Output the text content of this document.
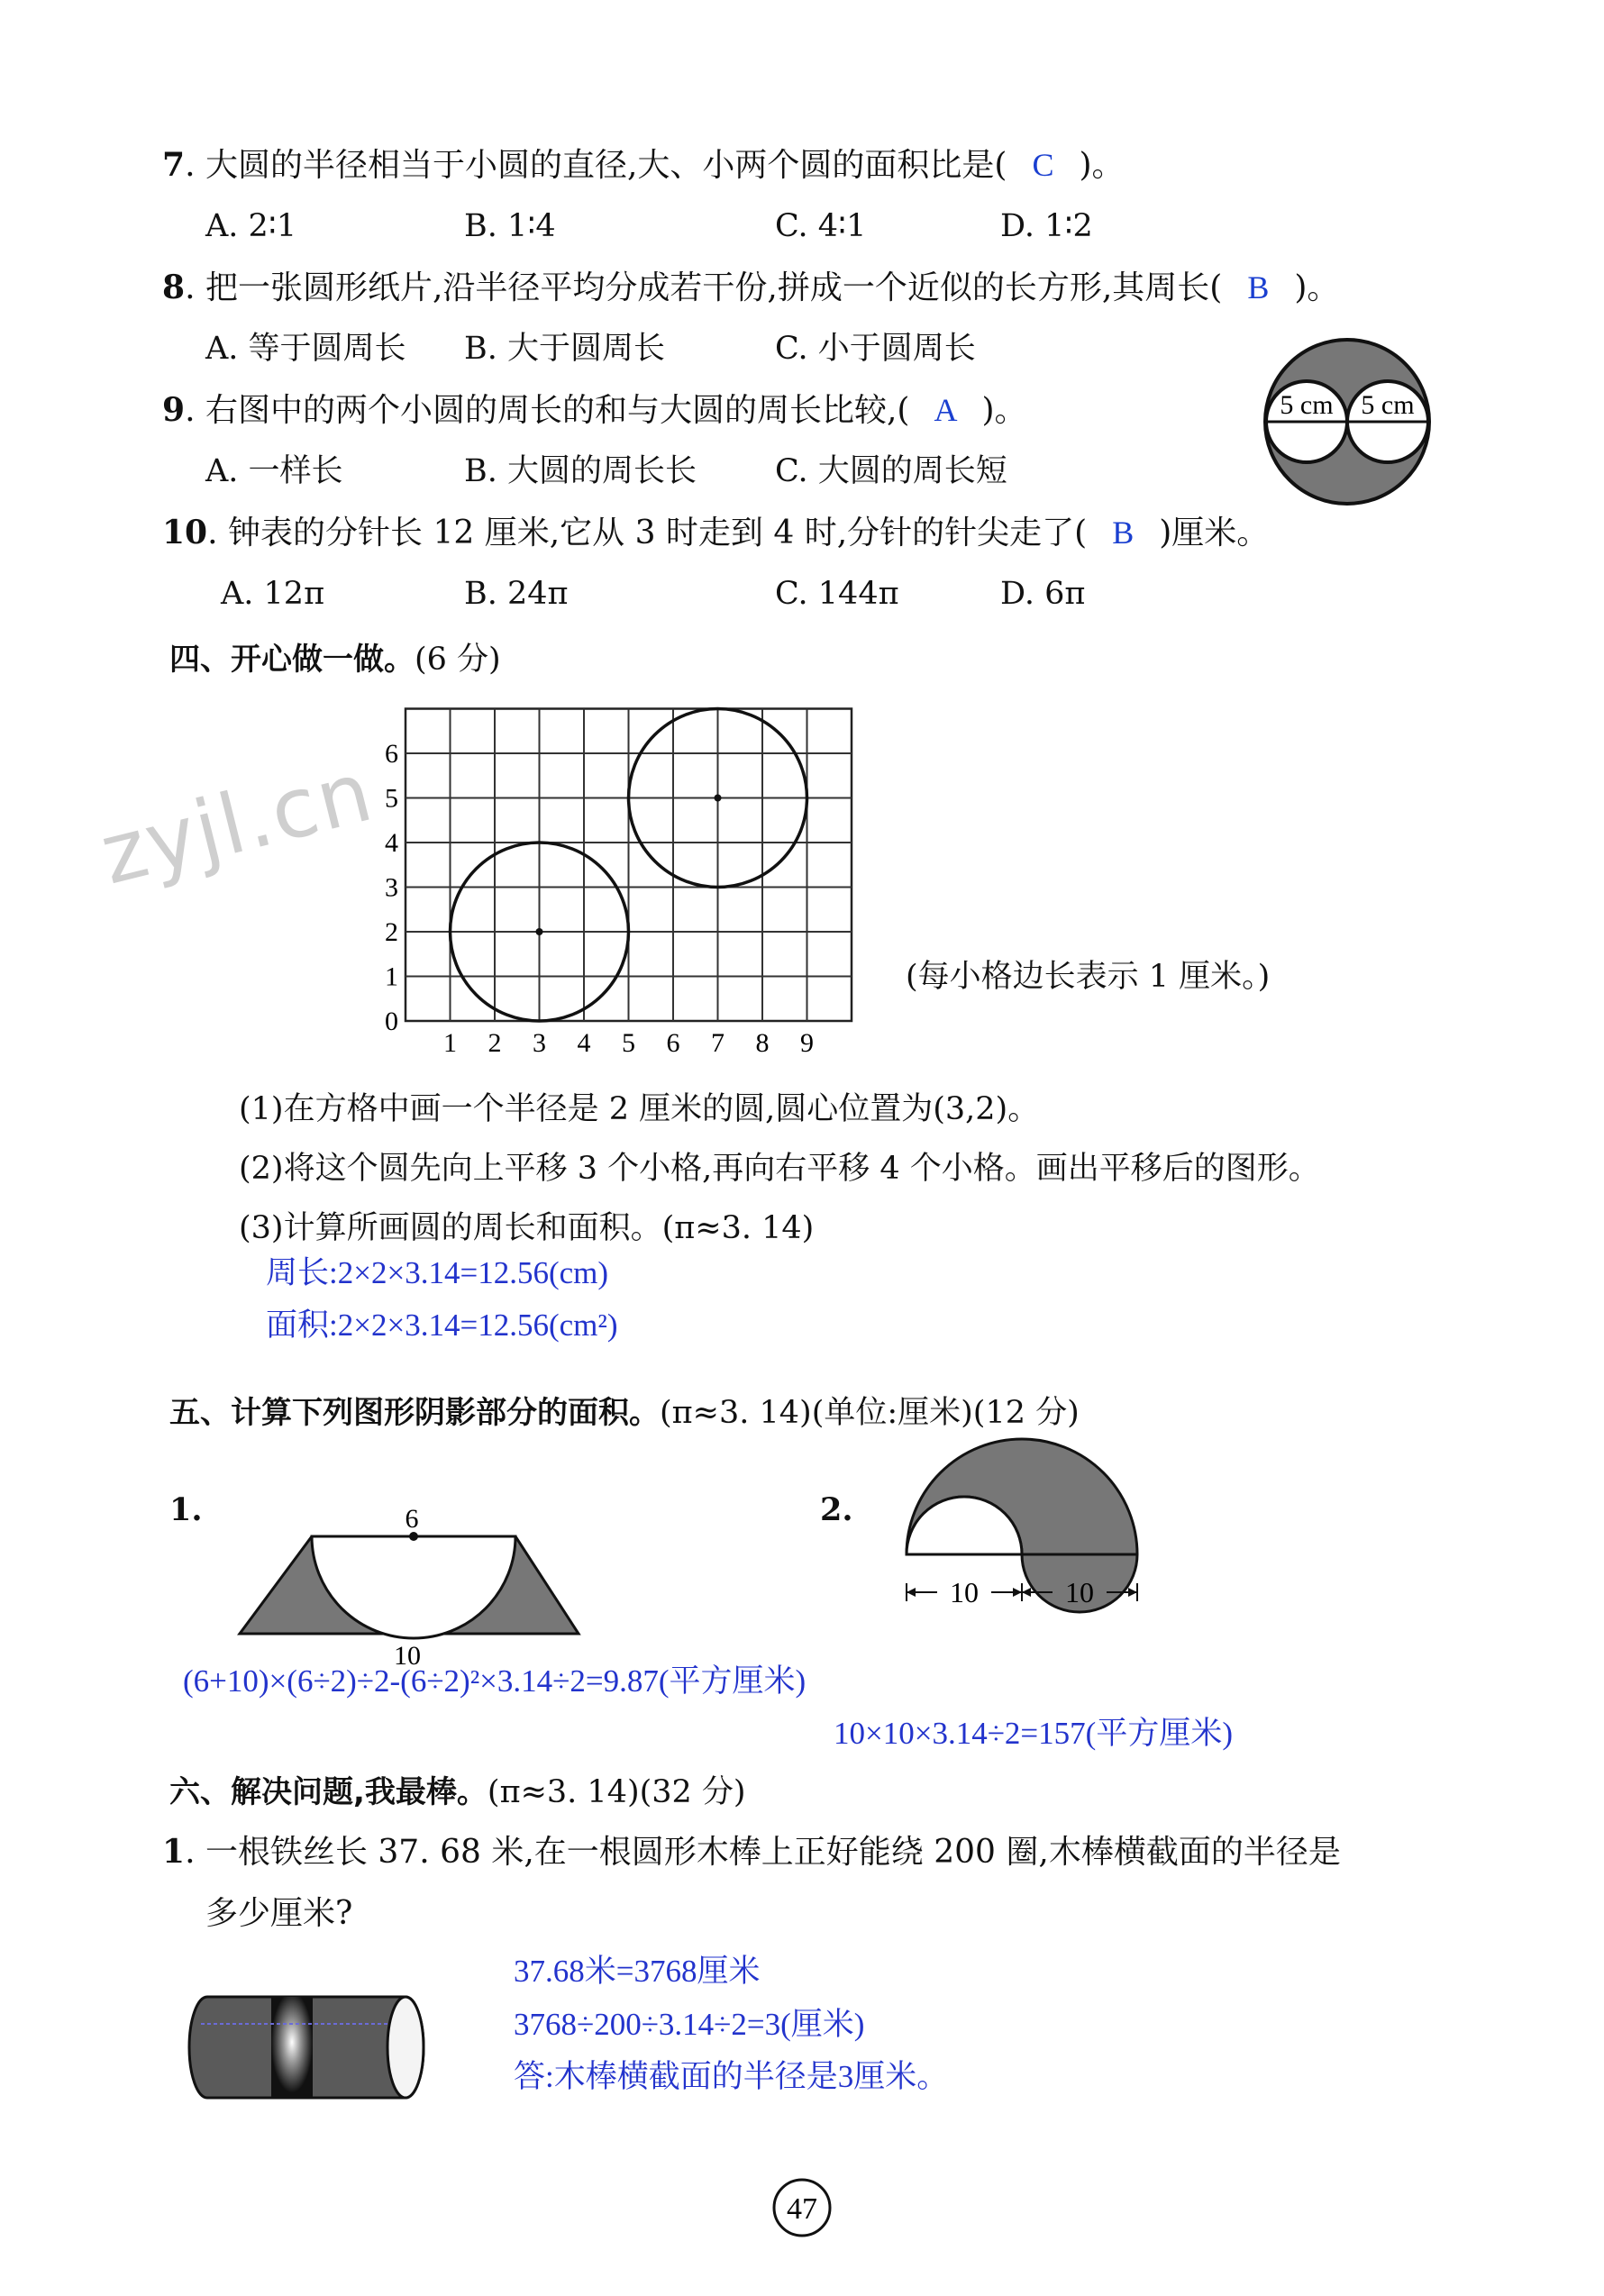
zyjl.cn
7. 大圆的半径相当于小圆的直径,大、小两个圆的面积比是( C )。
A. 2∶1	B. 1∶4	C. 4∶1	D. 1∶2
8. 把一张圆形纸片,沿半径平均分成若干份,拼成一个近似的长方形,其周长( B )。
A. 等于圆周长 B. 大于圆周长	C. 小于圆周长
9. 右图中的两个小圆的周长的和与大圆的周长比较,( A )。
A. 一样长	B. 大圆的周长长 C. 大圆的周长短
5 cm 5 cm
10. 钟表的分针长 12 厘米,它从 3 时走到 4 时,分针的针尖走了( B )厘米。
A. 12π	B. 24π	C. 144π	D. 6π
四、开心做一做。(6 分)
0
1
2
3
4
5
6
1 2 3 4 5 6 7 8 9
(每小格边长表示 1 厘米。)
(1)在方格中画一个半径是 2 厘米的圆,圆心位置为(3,2)。
(2)将这个圆先向上平移 3 个小格,再向右平移 4 个小格。画出平移后的图形。
(3)计算所画圆的周长和面积。(π≈3. 14)
周长:2×2×3.14=12.56(cm)
面积:2×2×3.14=12.56(cm²)
五、计算下列图形阴影部分的面积。(π≈3. 14)(单位:厘米)(12 分)
1.	6
10
2.
10	10
(6+10)×(6÷2)÷2-(6÷2)²×3.14÷2=9.87(平方厘米)
10×10×3.14÷2=157(平方厘米)
六、解决问题,我最棒。(π≈3. 14)(32 分)
1. 一根铁丝长 37. 68 米,在一根圆形木棒上正好能绕 200 圈,木棒横截面的半径是
多少厘米?
37.68米=3768厘米
3768÷200÷3.14÷2=3(厘米)
答:木棒横截面的半径是3厘米。
47
